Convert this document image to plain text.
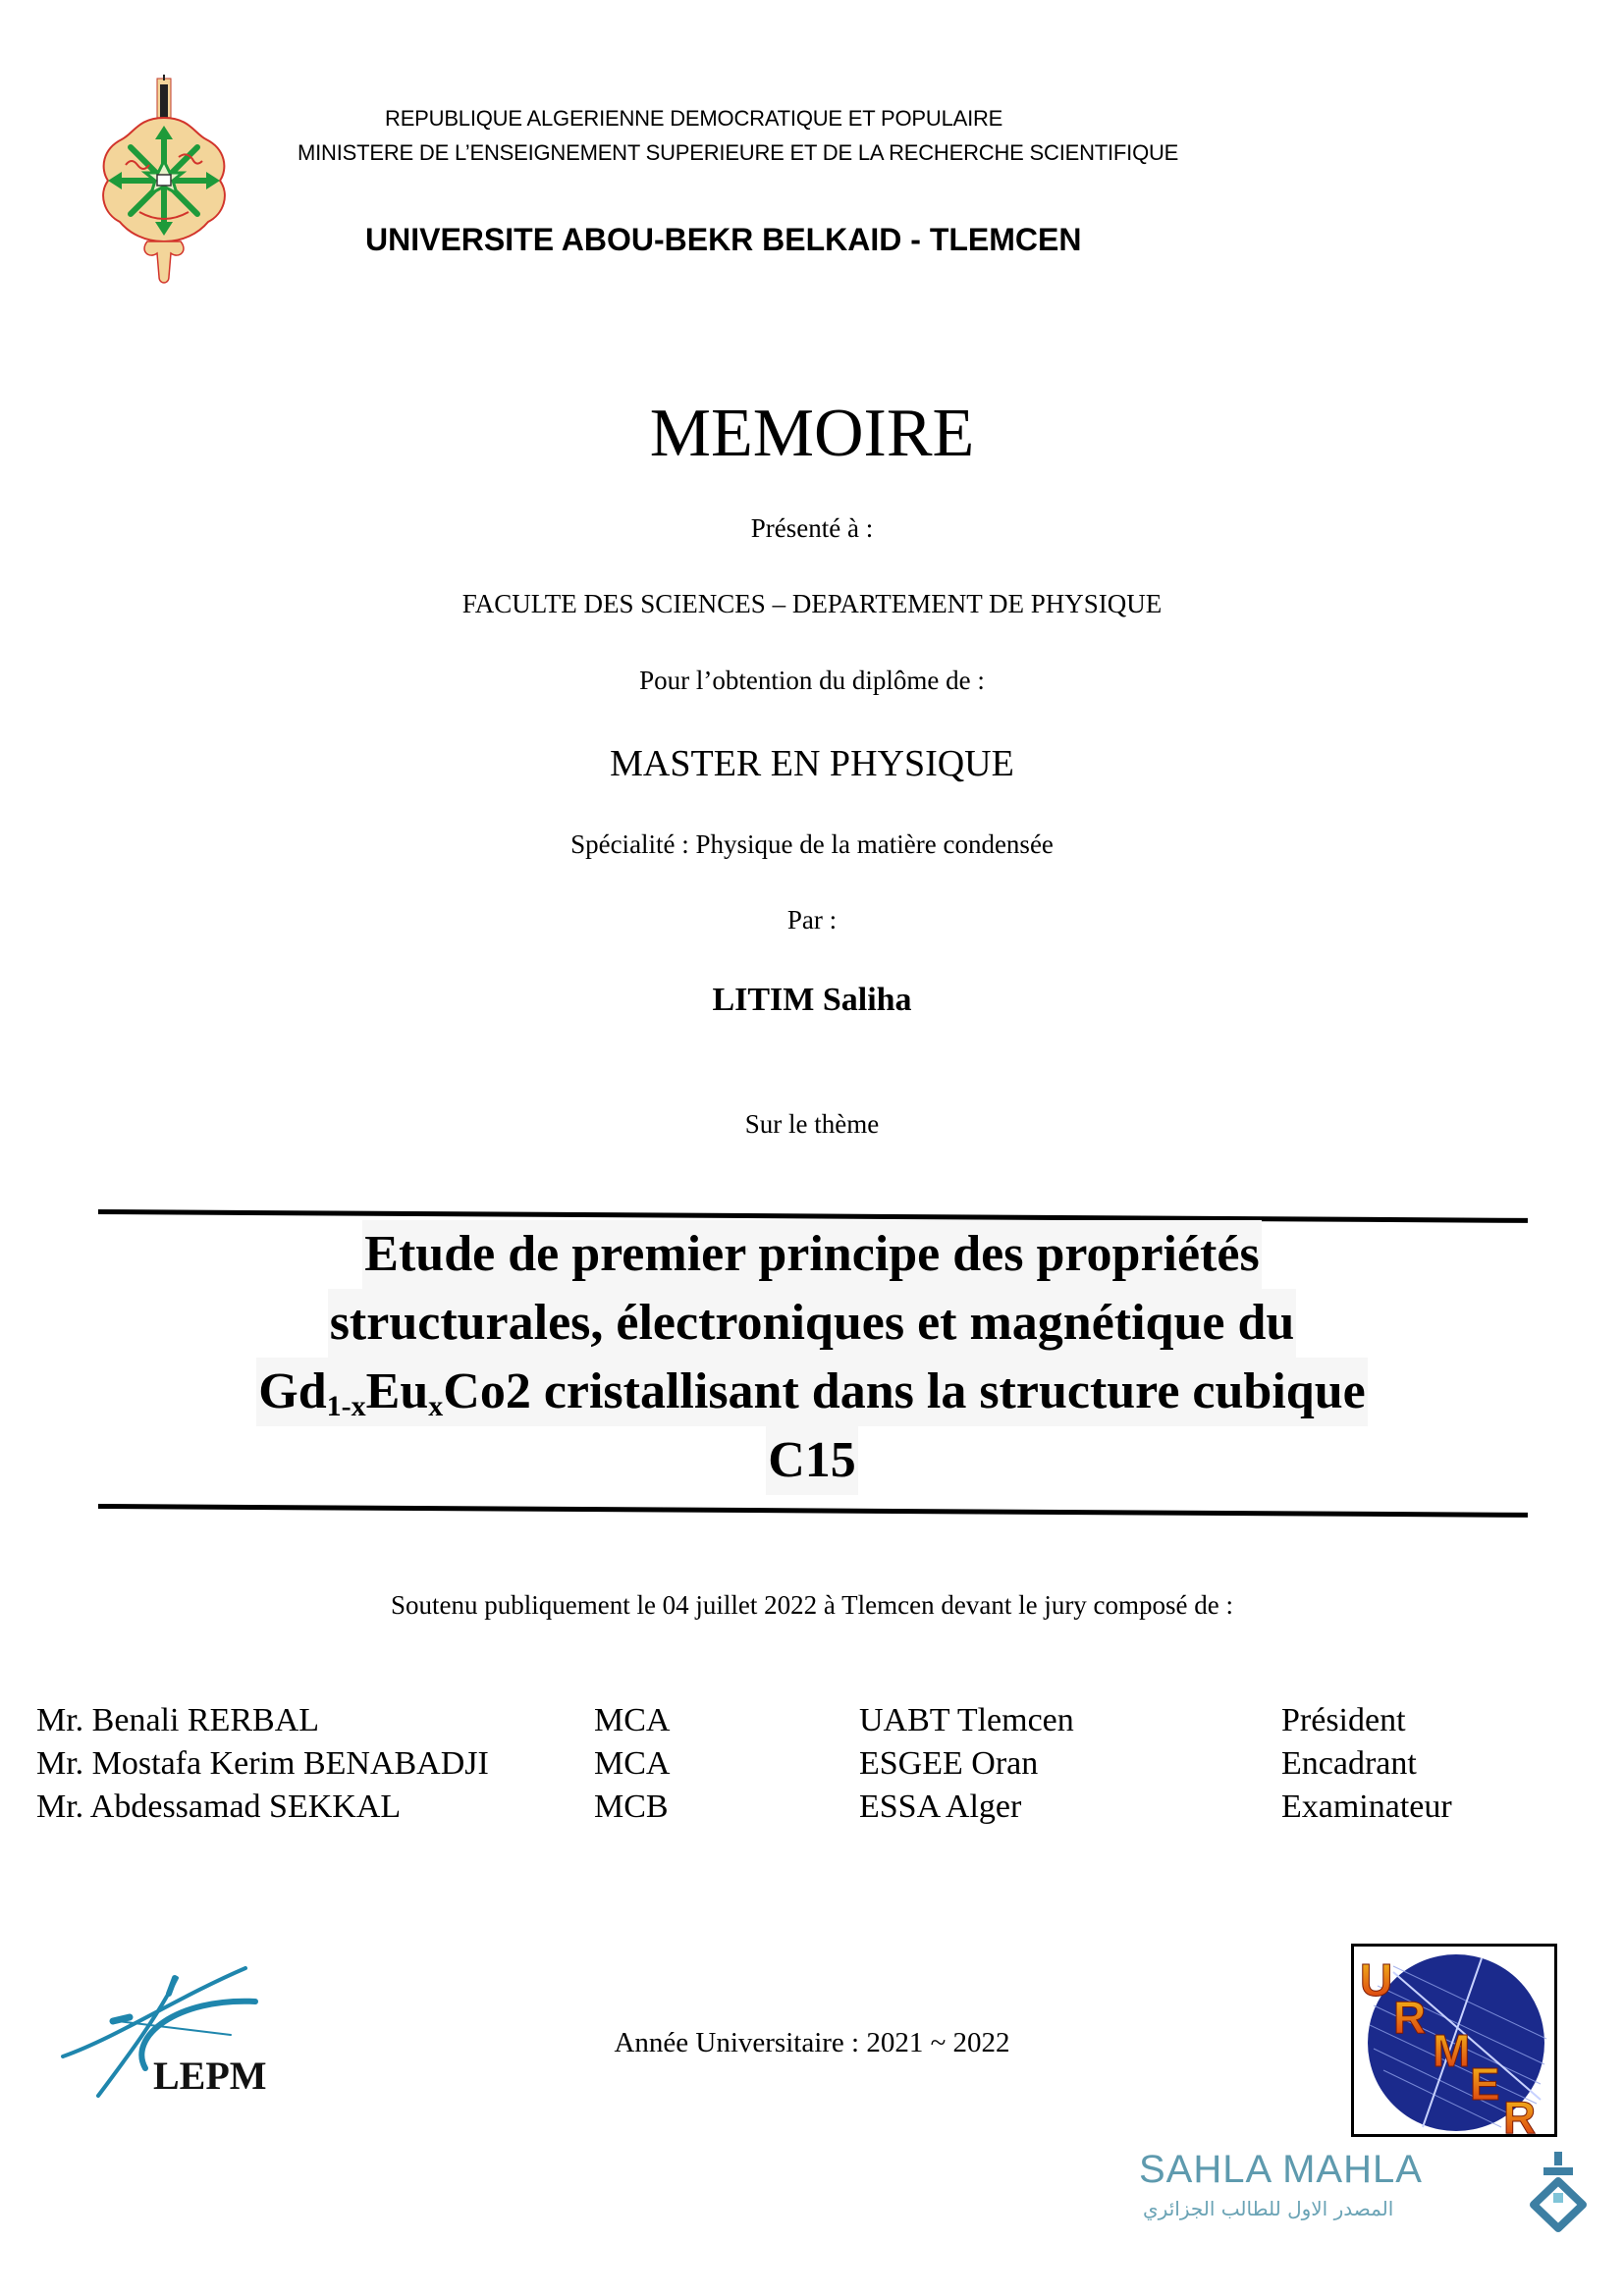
REPUBLIQUE ALGERIENNE DEMOCRATIQUE ET POPULAIRE
MINISTERE DE L’ENSEIGNEMENT SUPERIEURE ET DE LA RECHERCHE SCIENTIFIQUE
UNIVERSITE ABOU-BEKR BELKAID - TLEMCEN
MEMOIRE
Présenté à :
FACULTE DES SCIENCES – DEPARTEMENT DE PHYSIQUE
Pour l’obtention du diplôme de :
MASTER EN PHYSIQUE
Spécialité : Physique de la matière condensée
Par :
LITIM Saliha
Sur le thème
Etude de premier principe des propriétés
structurales, électroniques et magnétique du
$Gd_{1-x}Eu_xCo2$ cristallisant dans la structure cubique
C15
Soutenu publiquement le 04 juillet 2022 à Tlemcen devant le jury composé de :
Mr. Benali RERBAL	MCA	UABT Tlemcen	Président
Mr. Mostafa Kerim BENABADJI	MCA	ESGEE Oran	Encadrant
Mr. Abdessamad SEKKAL	MCB	ESSA Alger	Examinateur
LEPM
Année Universitaire : 2021 ~ 2022
U
R
M
E
R
SAHLA MAHLA
المصدر الاول للطالب الجزائري
